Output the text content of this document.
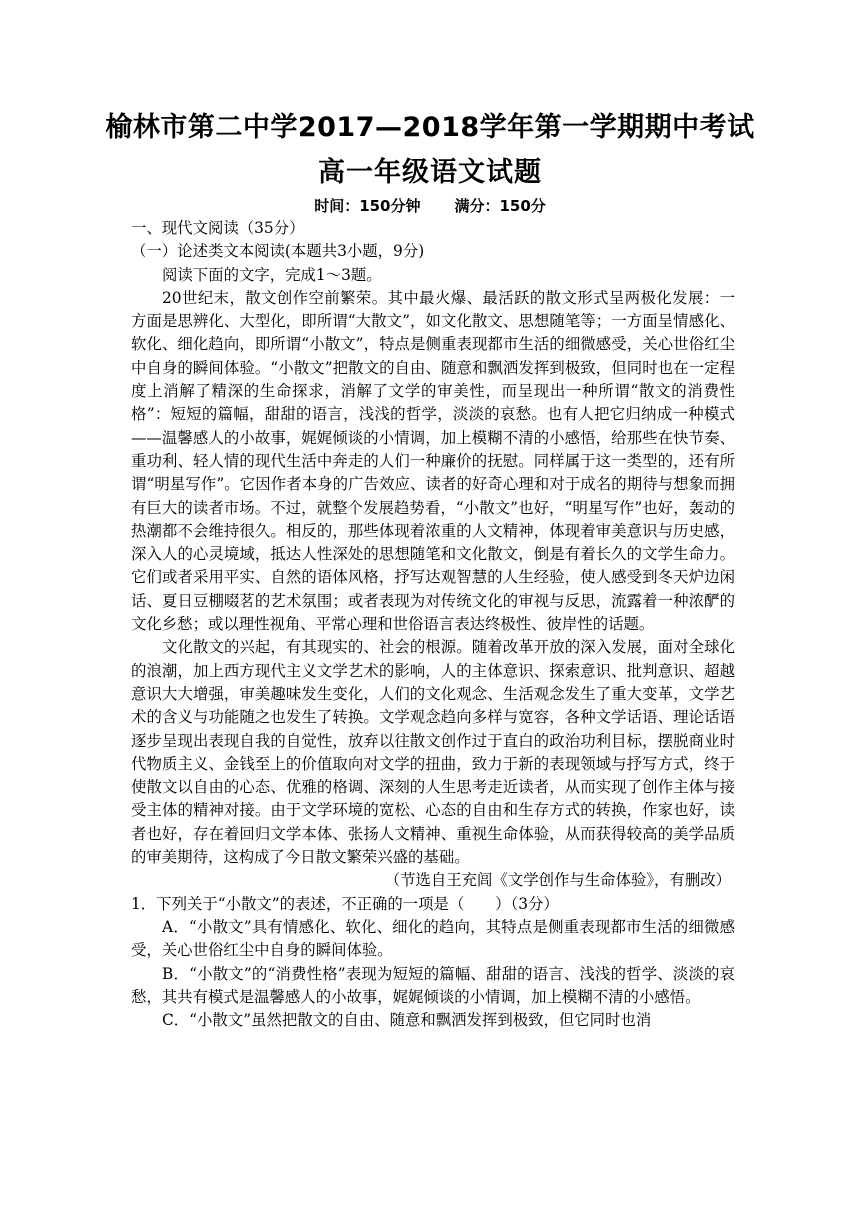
榆林市第二中学2017—2018学年第一学期期中考试
高一年级语文试题
时间：150分钟 满分：150分

一、现代文阅读（35分）

（一）论述类文本阅读(本题共3小题，9分)

阅读下面的文字，完成1～3题。

20世纪末，散文创作空前繁荣。其中最火爆、最活跃的散文形式呈两极化发展：一方面是思辨化、大型化，即所谓“大散文”，如文化散文、思想随笔等；一方面呈情感化、软化、细化趋向，即所谓“小散文”，特点是侧重表现都市生活的细微感受，关心世俗红尘中自身的瞬间体验。“小散文”把散文的自由、随意和飘洒发挥到极致，但同时也在一定程度上消解了精深的生命探求，消解了文学的审美性，而呈现出一种所谓“散文的消费性格”：短短的篇幅，甜甜的语言，浅浅的哲学，淡淡的哀愁。也有人把它归纳成一种模式——温馨感人的小故事，娓娓倾谈的小情调，加上模糊不清的小感悟，给那些在快节奏、重功利、轻人情的现代生活中奔走的人们一种廉价的抚慰。同样属于这一类型的，还有所谓“明星写作”。它因作者本身的广告效应、读者的好奇心理和对于成名的期待与想象而拥有巨大的读者市场。不过，就整个发展趋势看，“小散文”也好，“明星写作”也好，轰动的热潮都不会维持很久。相反的，那些体现着浓重的人文精神，体现着审美意识与历史感，深入人的心灵境域，抵达人性深处的思想随笔和文化散文，倒是有着长久的文学生命力。它们或者采用平实、自然的语体风格，抒写达观智慧的人生经验，使人感受到冬天炉边闲话、夏日豆棚啜茗的艺术氛围；或者表现为对传统文化的审视与反思，流露着一种浓酽的文化乡愁；或以理性视角、平常心理和世俗语言表达终极性、彼岸性的话题。

文化散文的兴起，有其现实的、社会的根源。随着改革开放的深入发展，面对全球化的浪潮，加上西方现代主义文学艺术的影响，人的主体意识、探索意识、批判意识、超越意识大大增强，审美趣味发生变化，人们的文化观念、生活观念发生了重大变革，文学艺术的含义与功能随之也发生了转换。文学观念趋向多样与宽容，各种文学话语、理论话语逐步呈现出表现自我的自觉性，放弃以往散文创作过于直白的政治功利目标，摆脱商业时代物质主义、金钱至上的价值取向对文学的扭曲，致力于新的表现领域与抒写方式，终于使散文以自由的心态、优雅的格调、深刻的人生思考走近读者，从而实现了创作主体与接受主体的精神对接。由于文学环境的宽松、心态的自由和生存方式的转换，作家也好，读者也好，存在着回归文学本体、张扬人文精神、重视生命体验，从而获得较高的美学品质的审美期待，这构成了今日散文繁荣兴盛的基础。

（节选自王充闾《文学创作与生命体验》，有删改）

1．下列关于“小散文”的表述，不正确的一项是（　　）（3分）

A．“小散文”具有情感化、软化、细化的趋向，其特点是侧重表现都市生活的细微感受，关心世俗红尘中自身的瞬间体验。

B．“小散文”的“消费性格”表现为短短的篇幅、甜甜的语言、浅浅的哲学、淡淡的哀愁，其共有模式是温馨感人的小故事，娓娓倾谈的小情调，加上模糊不清的小感悟。

C．“小散文”虽然把散文的自由、随意和飘洒发挥到极致，但它同时也消
